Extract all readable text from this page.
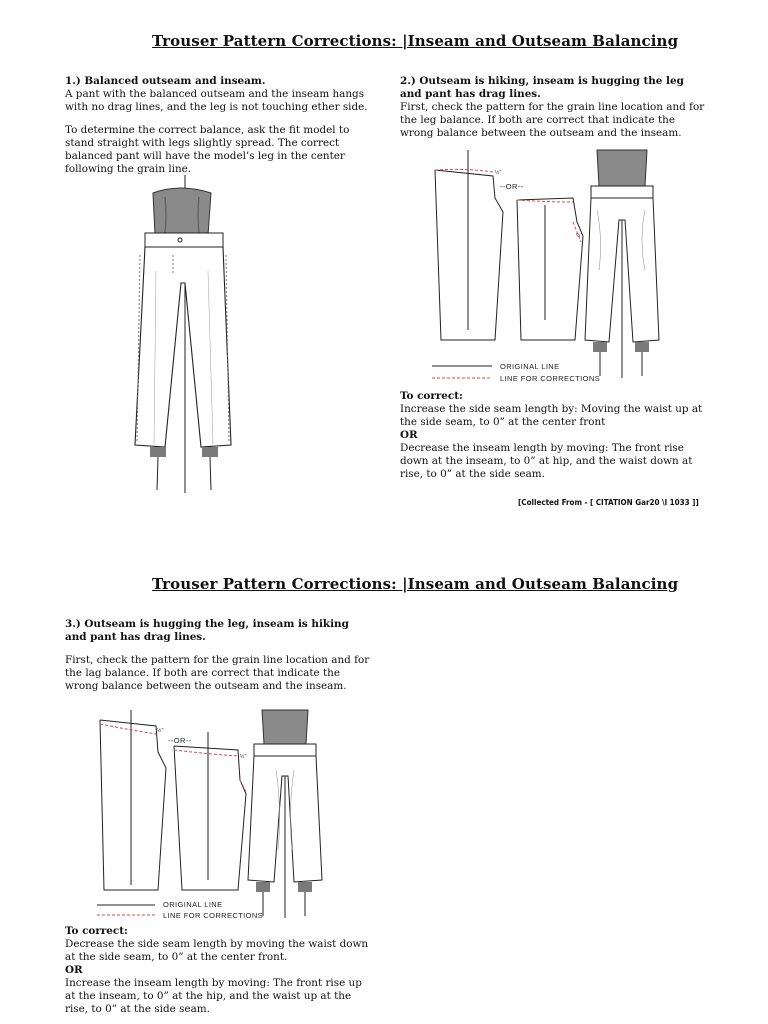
Trouser Pattern Corrections: |Inseam and Outseam Balancing

1.) Balanced outseam and inseam.

A pant with the balanced outseam and the inseam hangs with no drag lines, and the leg is not touching ether side.

To determine the correct balance, ask the fit model to stand straight with legs slightly spread. The correct balanced pant will have the model’s leg in the center following the grain line.

2.) Outseam is hiking, inseam is hugging the leg and pant has drag lines.

First, check the pattern for the grain line location and for the leg balance. If both are correct that indicate the wrong balance between the outseam and the inseam.

--OR--
½"
½"
ORIGINAL LINE
LINE FOR CORRECTIONS

To correct:

Increase the side seam length by: Moving the waist up at the side seam, to 0” at the center front

OR

Decrease the inseam length by moving: The front rise down at the inseam, to 0” at hip, and the waist down at rise, to 0” at the side seam.

[Collected From - [ CITATION Gar20 \l 1033 ]]
Trouser Pattern Corrections: |Inseam and Outseam Balancing

3.) Outseam is hugging the leg, inseam is hiking and pant has drag lines.

First, check the pattern for the grain line location and for the lag balance. If both are correct that indicate the wrong balance between the outseam and the inseam.

--OR--
½"
½"
ORIGINAL LINE
LINE FOR CORRECTIONS

To correct:

Decrease the side seam length by moving the waist down at the side seam, to 0” at the center front.

OR

Increase the inseam length by moving: The front rise up at the inseam, to 0” at the hip, and the waist up at the rise, to 0” at the side seam.
